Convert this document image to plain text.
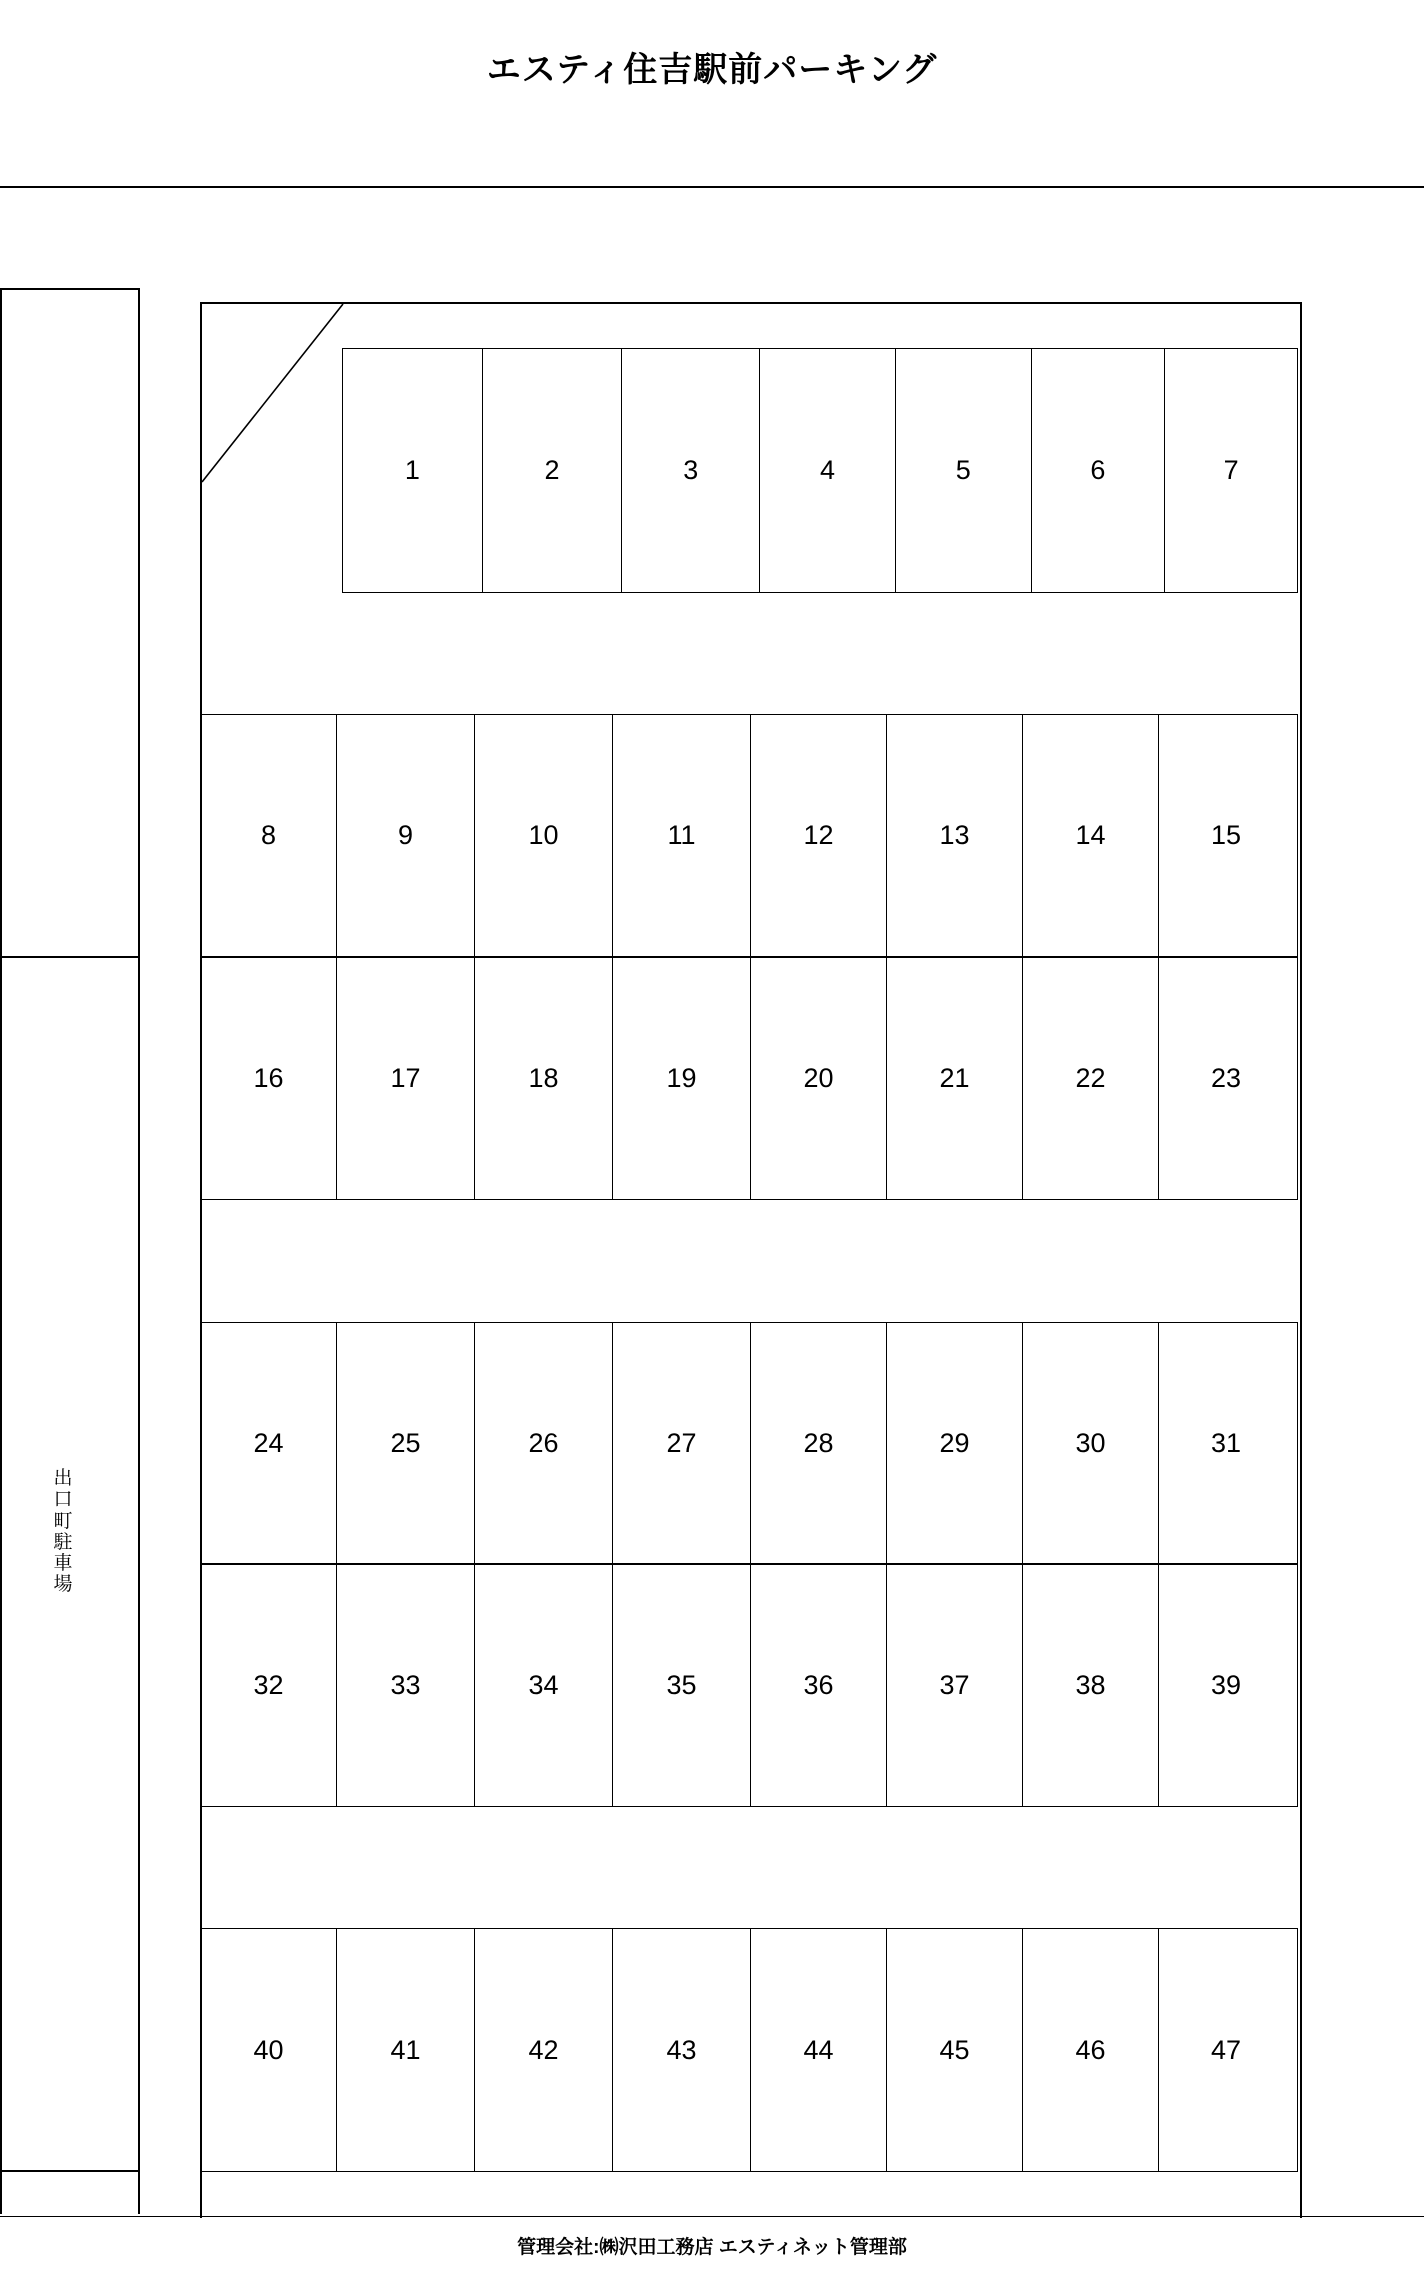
エスティ住吉駅前パーキング
出口町駐車場
1	2	3	4	5	6	7
8	9	10	11	12	13	14	15
16	17	18	19	20	21	22	23
24	25	26	27	28	29	30	31
32	33	34	35	36	37	38	39
40	41	42	43	44	45	46	47
管理会社:㈱沢田工務店 エスティネット管理部
